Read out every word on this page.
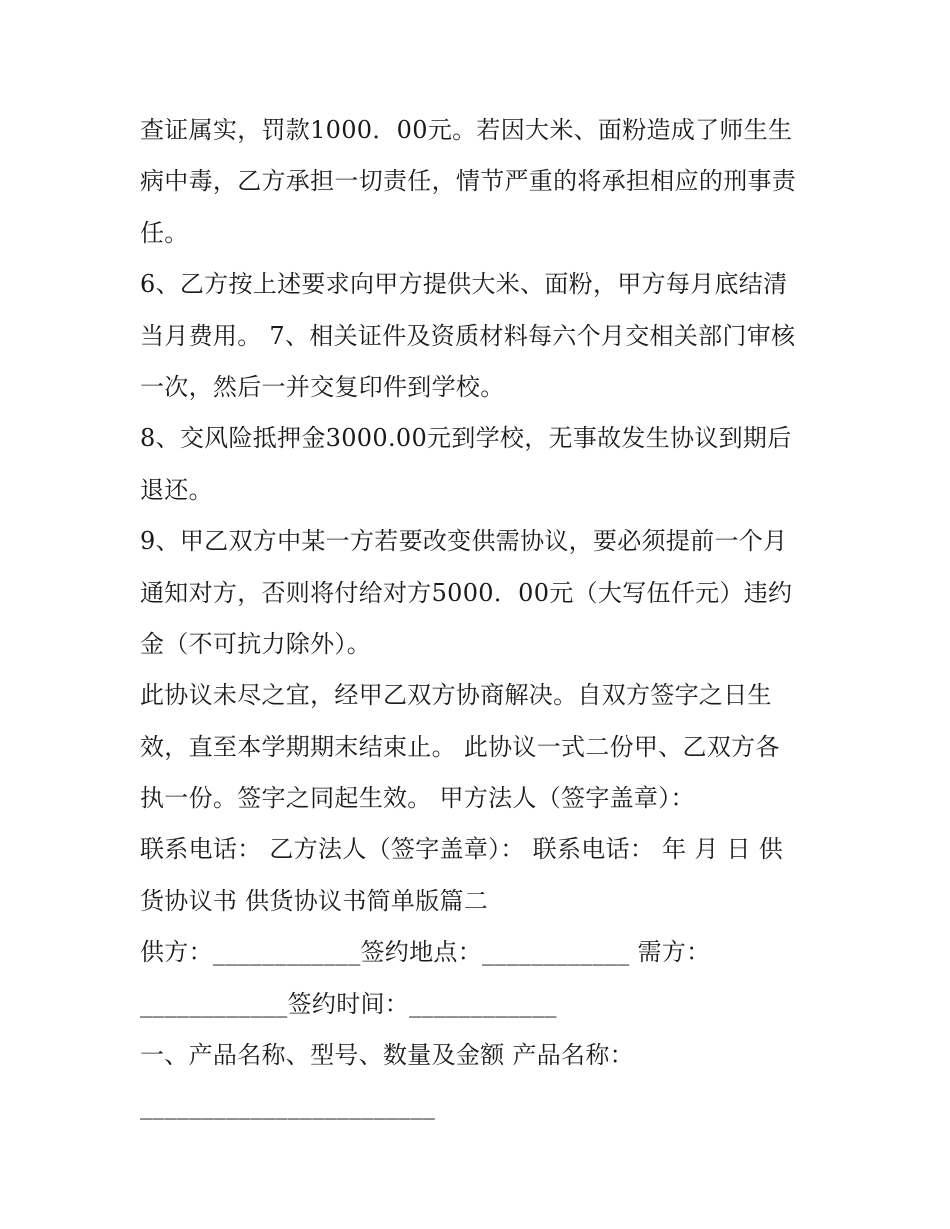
查证属实，罚款1000．00元。若因大米、面粉造成了师生生
病中毒，乙方承担一切责任，情节严重的将承担相应的刑事责
任。
6、乙方按上述要求向甲方提供大米、面粉，甲方每月底结清
当月费用。 7、相关证件及资质材料每六个月交相关部门审核
一次，然后一并交复印件到学校。
8、交风险抵押金3000.00元到学校，无事故发生协议到期后
退还。
9、甲乙双方中某一方若要改变供需协议，要必须提前一个月
通知对方，否则将付给对方5000．00元（大写伍仟元）违约
金（不可抗力除外）。
此协议未尽之宜，经甲乙双方协商解决。自双方签字之日生
效，直至本学期期末结束止。 此协议一式二份甲、乙双方各
执一份。签字之同起生效。 甲方法人（签字盖章）：
联系电话： 乙方法人（签字盖章）： 联系电话： 年 月 日 供
货协议书 供货协议书简单版篇二
供方：____________签约地点：____________ 需方：
____________签约时间：____________
一、产品名称、型号、数量及金额 产品名称：
________________________
